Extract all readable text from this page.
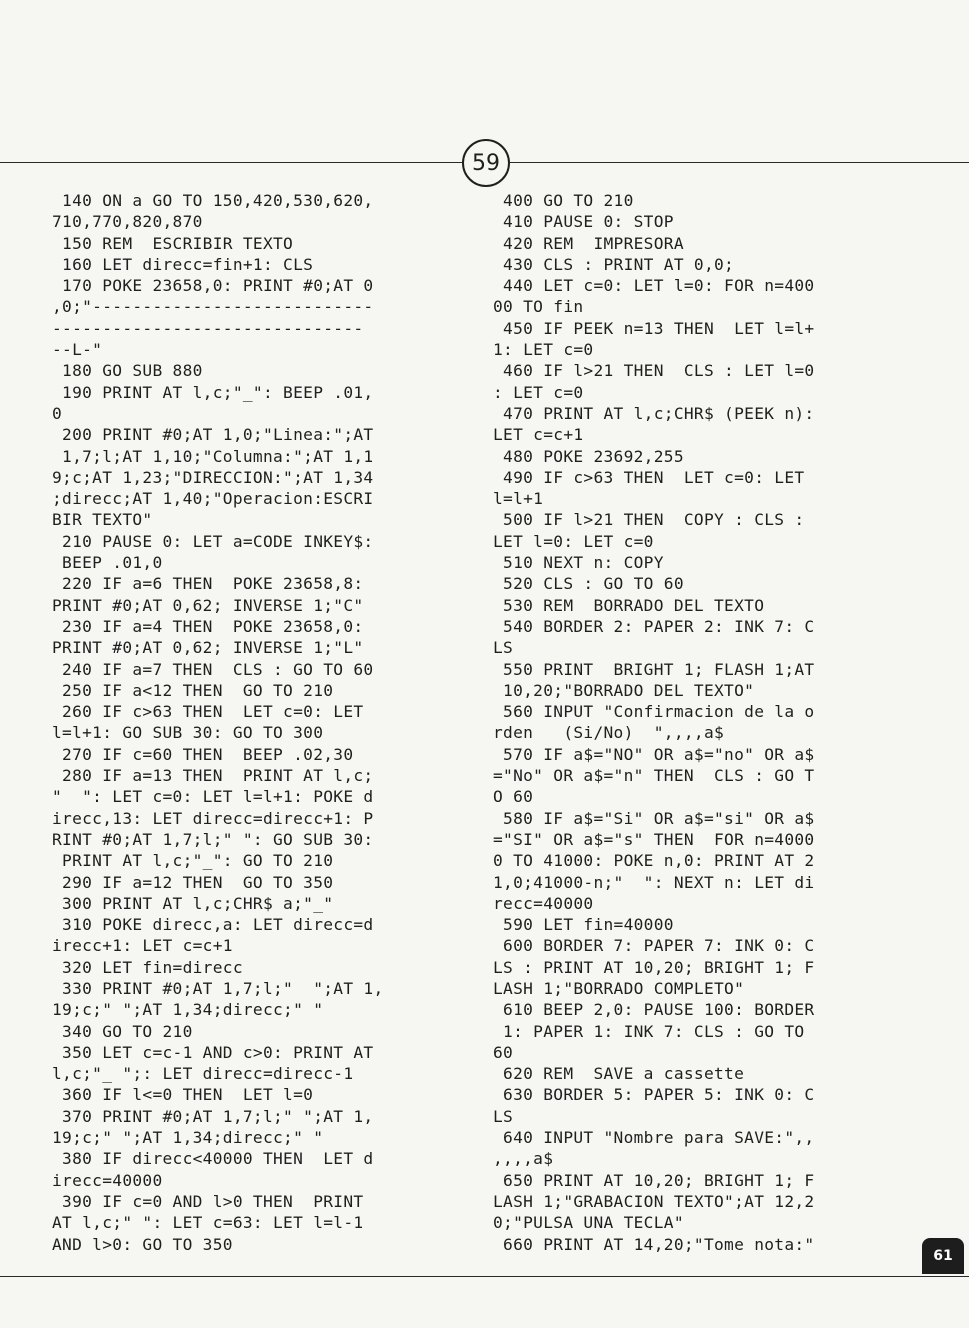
59
140 ON a GO TO 150,420,530,620,
710,770,820,870
150 REM  ESCRIBIR TEXTO
160 LET direcc=fin+1: CLS
170 POKE 23658,0: PRINT #0;AT 0
,0;"----------------------------
-------------------------------
--L-"
180 GO SUB 880
190 PRINT AT l,c;"_": BEEP .01,
0
200 PRINT #0;AT 1,0;"Linea:";AT
1,7;l;AT 1,10;"Columna:";AT 1,1
9;c;AT 1,23;"DIRECCION:";AT 1,34
;direcc;AT 1,40;"Operacion:ESCRI
BIR TEXTO"
210 PAUSE 0: LET a=CODE INKEY$:
BEEP .01,0
220 IF a=6 THEN  POKE 23658,8:
PRINT #0;AT 0,62; INVERSE 1;"C"
230 IF a=4 THEN  POKE 23658,0:
PRINT #0;AT 0,62; INVERSE 1;"L"
240 IF a=7 THEN  CLS : GO TO 60
250 IF a<12 THEN  GO TO 210
260 IF c>63 THEN  LET c=0: LET
l=l+1: GO SUB 30: GO TO 300
270 IF c=60 THEN  BEEP .02,30
280 IF a=13 THEN  PRINT AT l,c;
"  ": LET c=0: LET l=l+1: POKE d
irecc,13: LET direcc=direcc+1: P
RINT #0;AT 1,7;l;" ": GO SUB 30:
PRINT AT l,c;"_": GO TO 210
290 IF a=12 THEN  GO TO 350
300 PRINT AT l,c;CHR$ a;"_"
310 POKE direcc,a: LET direcc=d
irecc+1: LET c=c+1
320 LET fin=direcc
330 PRINT #0;AT 1,7;l;"  ";AT 1,
19;c;" ";AT 1,34;direcc;" "
340 GO TO 210
350 LET c=c-1 AND c>0: PRINT AT
l,c;"_ ";: LET direcc=direcc-1
360 IF l<=0 THEN  LET l=0
370 PRINT #0;AT 1,7;l;" ";AT 1,
19;c;" ";AT 1,34;direcc;" "
380 IF direcc<40000 THEN  LET d
irecc=40000
390 IF c=0 AND l>0 THEN  PRINT
AT l,c;" ": LET c=63: LET l=l-1
AND l>0: GO TO 350
400 GO TO 210
410 PAUSE 0: STOP
420 REM  IMPRESORA
430 CLS : PRINT AT 0,0;
440 LET c=0: LET l=0: FOR n=400
00 TO fin
450 IF PEEK n=13 THEN  LET l=l+
1: LET c=0
460 IF l>21 THEN  CLS : LET l=0
: LET c=0
470 PRINT AT l,c;CHR$ (PEEK n):
LET c=c+1
480 POKE 23692,255
490 IF c>63 THEN  LET c=0: LET
l=l+1
500 IF l>21 THEN  COPY : CLS :
LET l=0: LET c=0
510 NEXT n: COPY
520 CLS : GO TO 60
530 REM  BORRADO DEL TEXTO
540 BORDER 2: PAPER 2: INK 7: C
LS
550 PRINT  BRIGHT 1; FLASH 1;AT
10,20;"BORRADO DEL TEXTO"
560 INPUT "Confirmacion de la o
rden   (Si/No)  ",,,,a$
570 IF a$="NO" OR a$="no" OR a$
="No" OR a$="n" THEN  CLS : GO T
O 60
580 IF a$="Si" OR a$="si" OR a$
="SI" OR a$="s" THEN  FOR n=4000
0 TO 41000: POKE n,0: PRINT AT 2
1,0;41000-n;"  ": NEXT n: LET di
recc=40000
590 LET fin=40000
600 BORDER 7: PAPER 7: INK 0: C
LS : PRINT AT 10,20; BRIGHT 1; F
LASH 1;"BORRADO COMPLETO"
610 BEEP 2,0: PAUSE 100: BORDER
1: PAPER 1: INK 7: CLS : GO TO
60
620 REM  SAVE a cassette
630 BORDER 5: PAPER 5: INK 0: C
LS
640 INPUT "Nombre para SAVE:",,
,,,,a$
650 PRINT AT 10,20; BRIGHT 1; F
LASH 1;"GRABACION TEXTO";AT 12,2
0;"PULSA UNA TECLA"
660 PRINT AT 14,20;"Tome nota:"
61
